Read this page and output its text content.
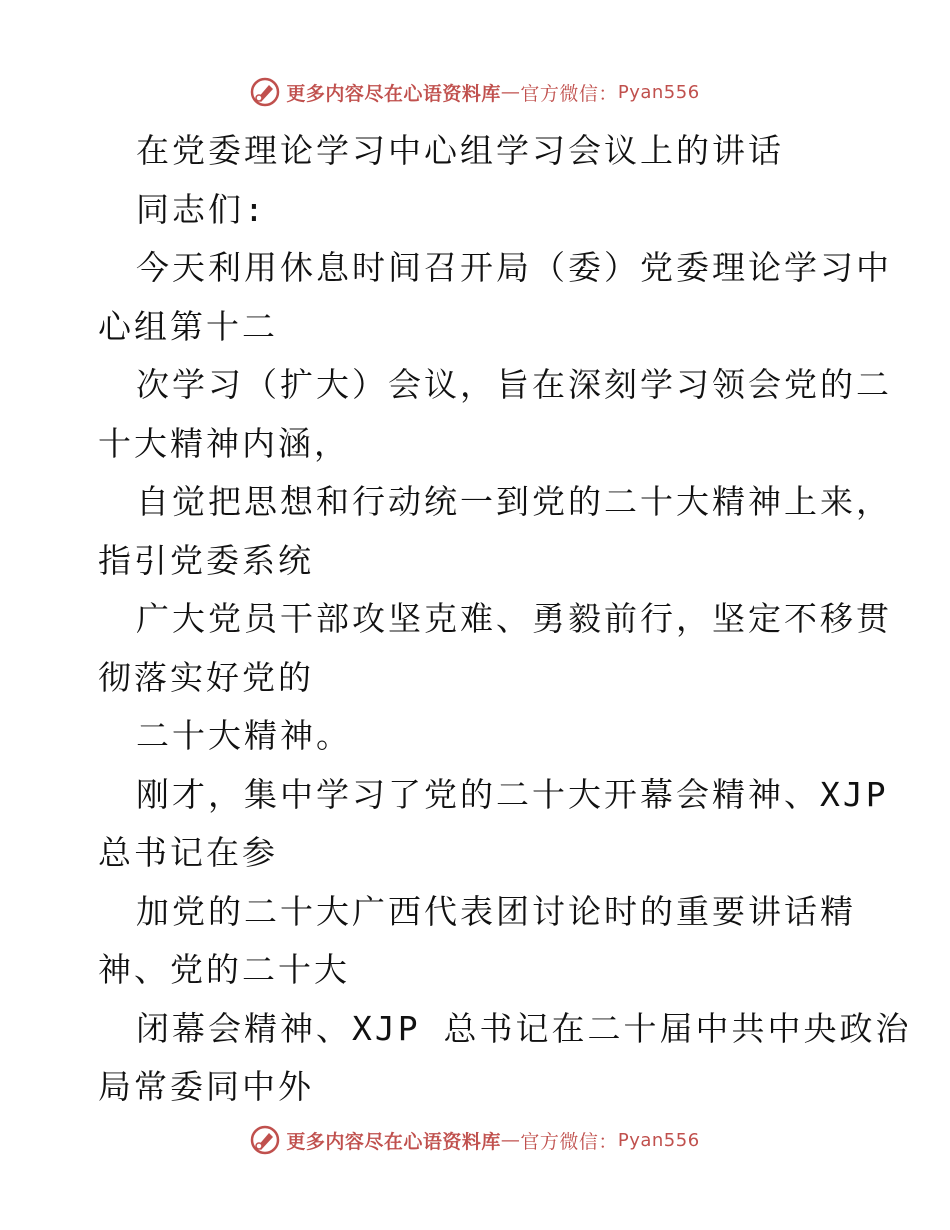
更多内容尽在心语资料库 — 官方微信： Pyan556
在党委理论学习中心组学习会议上的讲话
同志们:
今天利用休息时间召开局（委）党委理论学习中
心组第十二
次学习（扩大）会议，旨在深刻学习领会党的二
十大精神内涵，
自觉把思想和行动统一到党的二十大精神上来，
指引党委系统
广大党员干部攻坚克难、勇毅前行，坚定不移贯
彻落实好党的
二十大精神。
刚才，集中学习了党的二十大开幕会精神、XJP
总书记在参
加党的二十大广西代表团讨论时的重要讲话精
神、党的二十大
闭幕会精神、XJP 总书记在二十届中共中央政治
局常委同中外
更多内容尽在心语资料库 — 官方微信： Pyan556
